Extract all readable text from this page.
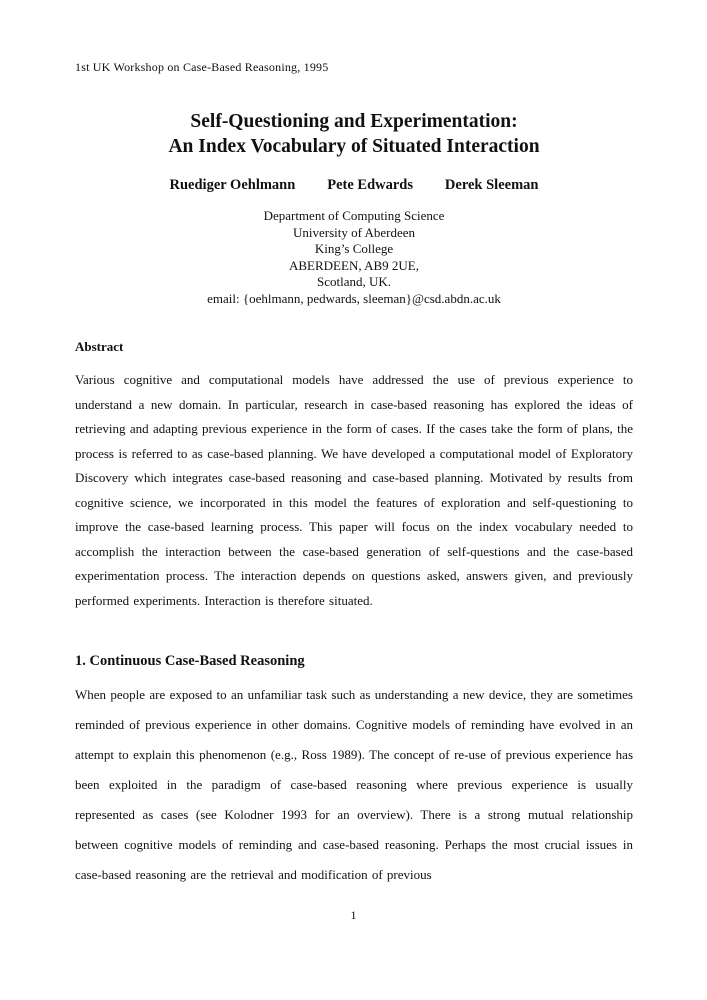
1st UK Workshop on Case-Based Reasoning, 1995
Self-Questioning and Experimentation:
An Index Vocabulary of Situated Interaction
Ruediger Oehlmann Pete Edwards Derek Sleeman
Department of Computing Science
University of Aberdeen
King’s College
ABERDEEN, AB9 2UE,
Scotland, UK.
email: {oehlmann, pedwards, sleeman}@csd.abdn.ac.uk
Abstract

Various cognitive and computational models have addressed the use of previous experience to understand a new domain. In particular, research in case-based reasoning has explored the ideas of retrieving and adapting previous experience in the form of cases. If the cases take the form of plans, the process is referred to as case-based planning. We have developed a computational model of Exploratory Discovery which integrates case-based reasoning and case-based planning. Motivated by results from cognitive science, we incorporated in this model the features of exploration and self-questioning to improve the case-based learning process. This paper will focus on the index vocabulary needed to accomplish the interaction between the case-based generation of self-questions and the case-based experimentation process. The interaction depends on questions asked, answers given, and previously performed experiments. Interaction is therefore situated.

1. Continuous Case-Based Reasoning

When people are exposed to an unfamiliar task such as understanding a new device, they are sometimes reminded of previous experience in other domains. Cognitive models of reminding have evolved in an attempt to explain this phenomenon (e.g., Ross 1989). The concept of re-use of previous experience has been exploited in the paradigm of case-based reasoning where previous experience is usually represented as cases (see Kolodner 1993 for an overview). There is a strong mutual relationship between cognitive models of reminding and case-based reasoning. Perhaps the most crucial issues in case-based reasoning are the retrieval and modification of previous

1
